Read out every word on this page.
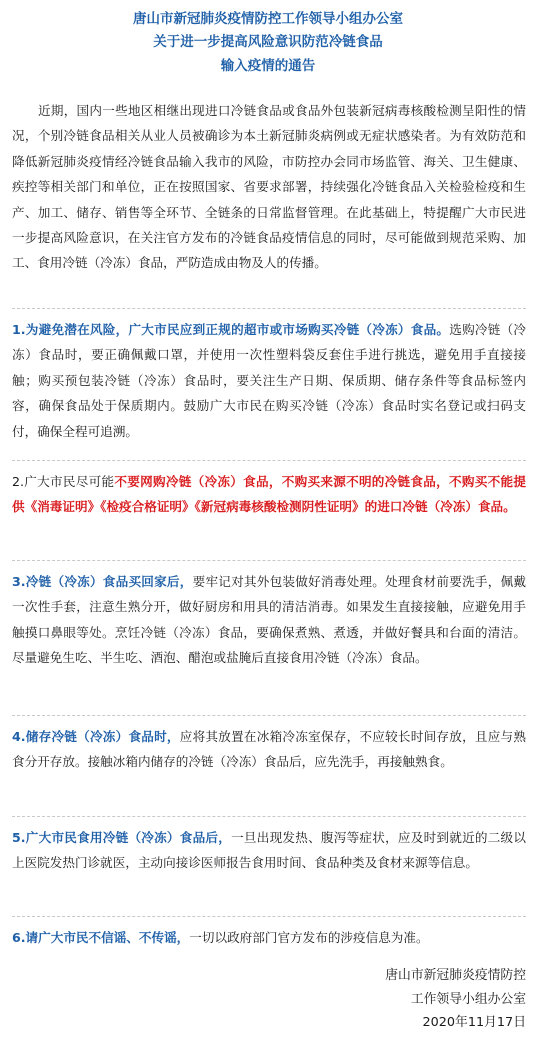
唐山市新冠肺炎疫情防控工作领导小组办公室
关于进一步提高风险意识防范冷链食品
输入疫情的通告

近期，国内一些地区相继出现进口冷链食品或食品外包装新冠病毒核酸检测呈阳性的情况，个别冷链食品相关从业人员被确诊为本土新冠肺炎病例或无症状感染者。为有效防范和降低新冠肺炎疫情经冷链食品输入我市的风险，市防控办会同市场监管、海关、卫生健康、疾控等相关部门和单位，正在按照国家、省要求部署，持续强化冷链食品入关检验检疫和生产、加工、储存、销售等全环节、全链条的日常监督管理。在此基础上，特提醒广大市民进一步提高风险意识，在关注官方发布的冷链食品疫情信息的同时，尽可能做到规范采购、加工、食用冷链（冷冻）食品，严防造成由物及人的传播。

1.为避免潜在风险，广大市民应到正规的超市或市场购买冷链（冷冻）食品。选购冷链（冷冻）食品时，要正确佩戴口罩，并使用一次性塑料袋反套住手进行挑选，避免用手直接接触；购买预包装冷链（冷冻）食品时，要关注生产日期、保质期、储存条件等食品标签内容，确保食品处于保质期内。鼓励广大市民在购买冷链（冷冻）食品时实名登记或扫码支付，确保全程可追溯。

2.广大市民尽可能不要网购冷链（冷冻）食品，不购买来源不明的冷链食品，不购买不能提供《消毒证明》《检疫合格证明》《新冠病毒核酸检测阴性证明》的进口冷链（冷冻）食品。

3.冷链（冷冻）食品买回家后，要牢记对其外包装做好消毒处理。处理食材前要洗手，佩戴一次性手套，注意生熟分开，做好厨房和用具的清洁消毒。如果发生直接接触，应避免用手触摸口鼻眼等处。烹饪冷链（冷冻）食品，要确保煮熟、煮透，并做好餐具和台面的清洁。尽量避免生吃、半生吃、酒泡、醋泡或盐腌后直接食用冷链（冷冻）食品。

4.储存冷链（冷冻）食品时，应将其放置在冰箱冷冻室保存，不应较长时间存放，且应与熟食分开存放。接触冰箱内储存的冷链（冷冻）食品后，应先洗手，再接触熟食。

5.广大市民食用冷链（冷冻）食品后，一旦出现发热、腹泻等症状，应及时到就近的二级以上医院发热门诊就医，主动向接诊医师报告食用时间、食品种类及食材来源等信息。

6.请广大市民不信谣、不传谣，一切以政府部门官方发布的涉疫信息为准。

唐山市新冠肺炎疫情防控
工作领导小组办公室
2020年11月17日
